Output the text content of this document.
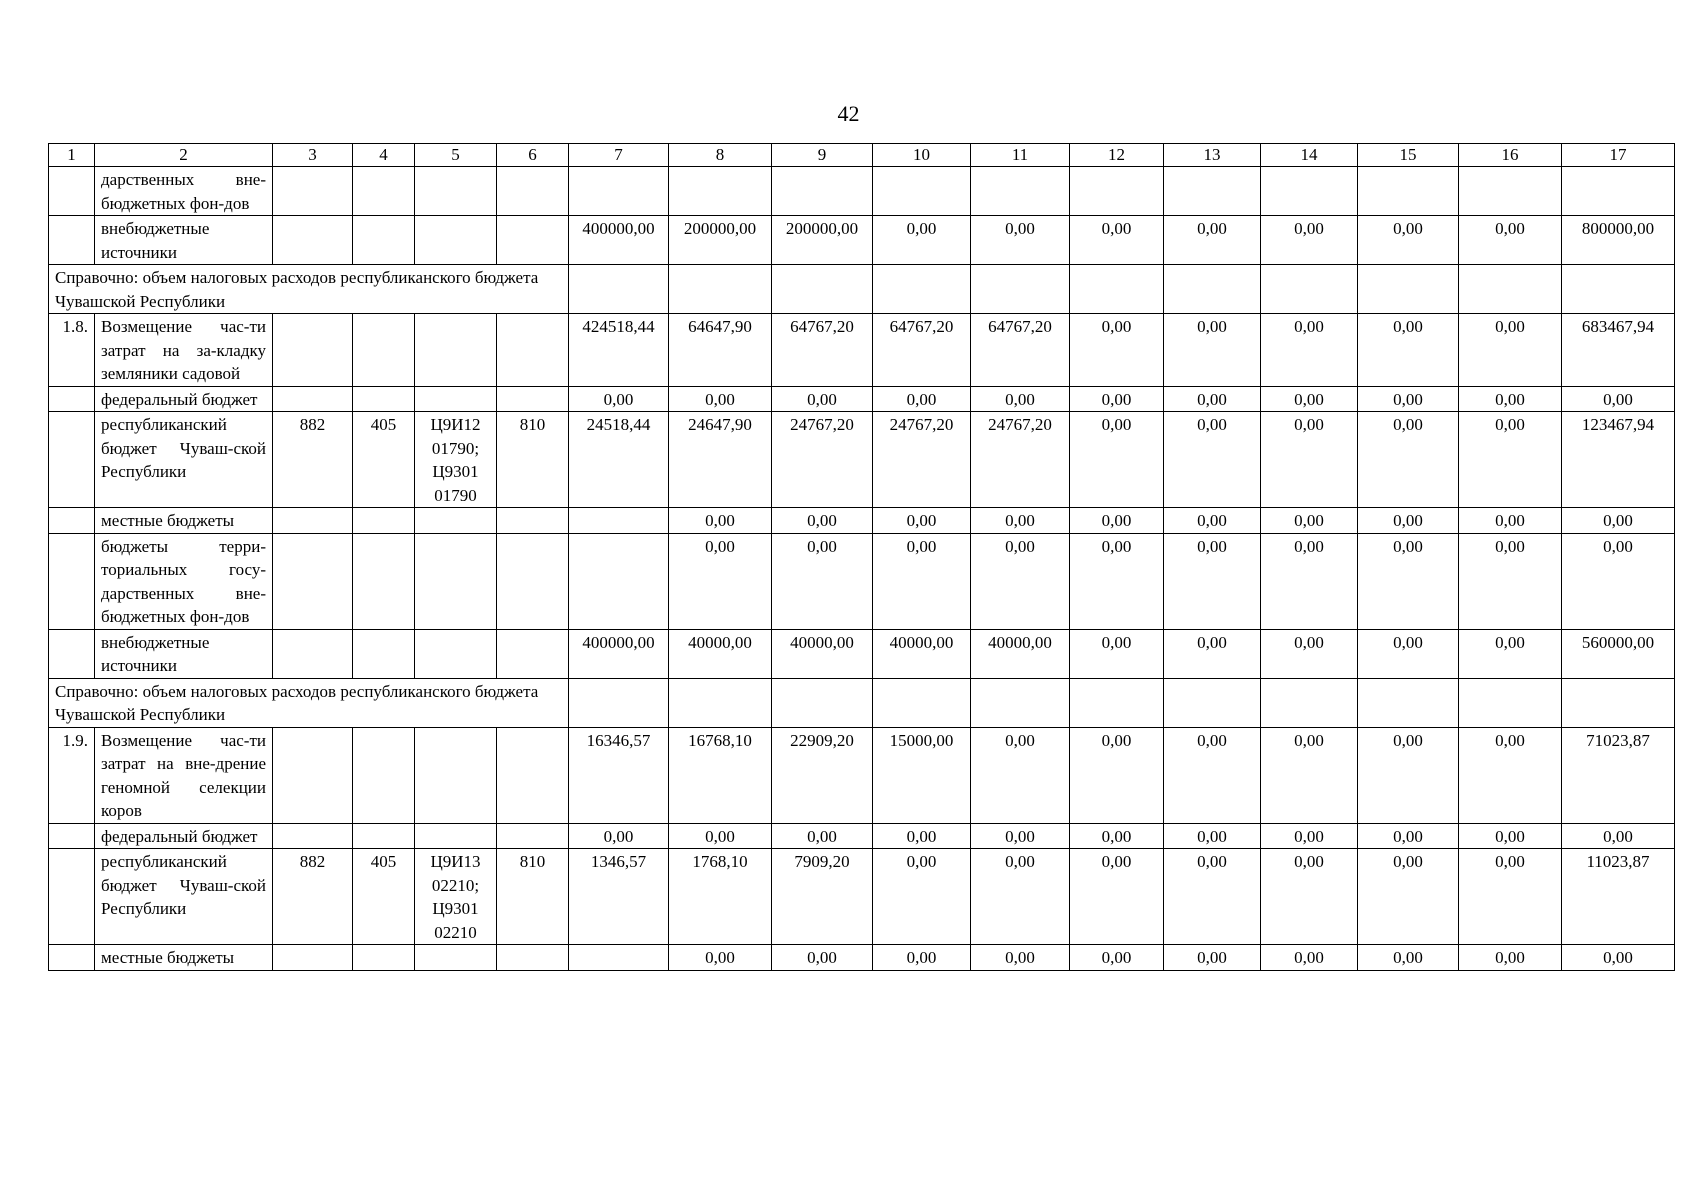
42
1	2	3	4	5	6	7	8	9	10	11	12	13	14	15	16	17
	дарственных вне-бюджетных фон-дов															
	внебюджетные источники					400000,00	200000,00	200000,00	0,00	0,00	0,00	0,00	0,00	0,00	0,00	800000,00
Справочно: объем налоговых расходов республиканского бюджета Чувашской Республики																
1.8.	Возмещение час-ти затрат на за-кладку земляники садовой					424518,44	64647,90	64767,20	64767,20	64767,20	0,00	0,00	0,00	0,00	0,00	683467,94
	федеральный бюджет					0,00	0,00	0,00	0,00	0,00	0,00	0,00	0,00	0,00	0,00	0,00
	республиканский бюджет Чуваш-ской Республики	882	405	Ц9И12 01790; Ц9301 01790	810	24518,44	24647,90	24767,20	24767,20	24767,20	0,00	0,00	0,00	0,00	0,00	123467,94
	местные бюджеты						0,00	0,00	0,00	0,00	0,00	0,00	0,00	0,00	0,00	0,00
	бюджеты терри-ториальных госу-дарственных вне-бюджетных фон-дов						0,00	0,00	0,00	0,00	0,00	0,00	0,00	0,00	0,00	0,00
	внебюджетные источники					400000,00	40000,00	40000,00	40000,00	40000,00	0,00	0,00	0,00	0,00	0,00	560000,00
Справочно: объем налоговых расходов республиканского бюджета Чувашской Республики																
1.9.	Возмещение час-ти затрат на вне-дрение геномной селекции коров					16346,57	16768,10	22909,20	15000,00	0,00	0,00	0,00	0,00	0,00	0,00	71023,87
	федеральный бюджет					0,00	0,00	0,00	0,00	0,00	0,00	0,00	0,00	0,00	0,00	0,00
	республиканский бюджет Чуваш-ской Республики	882	405	Ц9И13 02210; Ц9301 02210	810	1346,57	1768,10	7909,20	0,00	0,00	0,00	0,00	0,00	0,00	0,00	11023,87
	местные бюджеты						0,00	0,00	0,00	0,00	0,00	0,00	0,00	0,00	0,00	0,00
